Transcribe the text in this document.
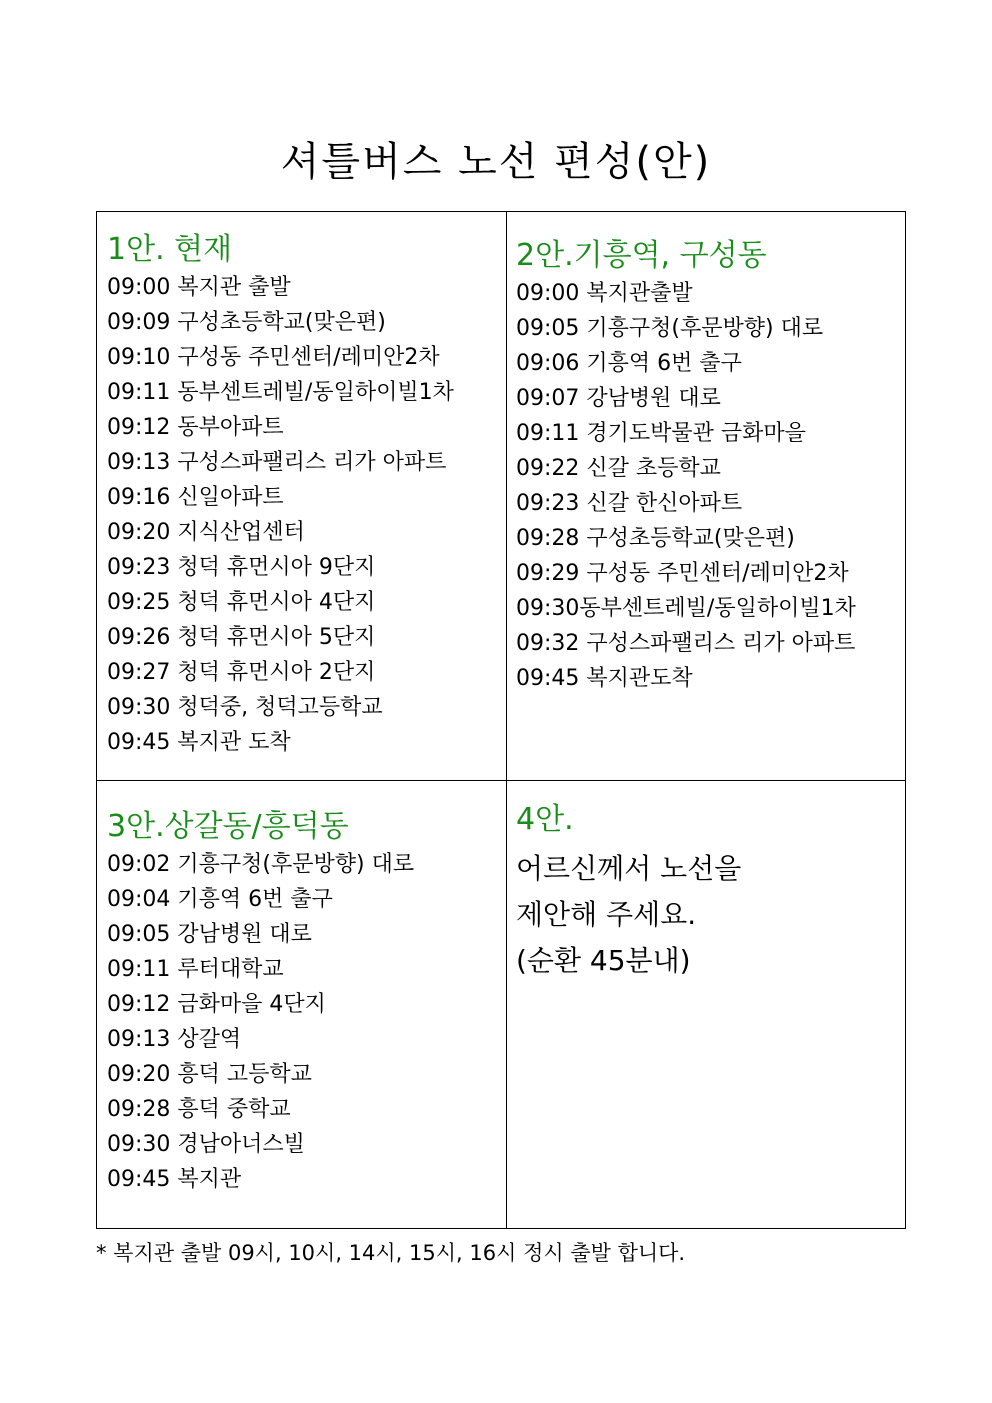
셔틀버스 노선 편성(안)
1안. 현재
09:00 복지관 출발
09:09 구성초등학교(맞은편)
09:10 구성동 주민센터/레미안2차
09:11 동부센트레빌/동일하이빌1차
09:12 동부아파트
09:13 구성스파팰리스 리가 아파트
09:16 신일아파트
09:20 지식산업센터
09:23 청덕 휴먼시아 9단지
09:25 청덕 휴먼시아 4단지
09:26 청덕 휴먼시아 5단지
09:27 청덕 휴먼시아 2단지
09:30 청덕중, 청덕고등학교
09:45 복지관 도착
2안.기흥역, 구성동
09:00 복지관출발
09:05 기흥구청(후문방향) 대로
09:06 기흥역 6번 출구
09:07 강남병원 대로
09:11 경기도박물관 금화마을
09:22 신갈 초등학교
09:23 신갈 한신아파트
09:28 구성초등학교(맞은편)
09:29 구성동 주민센터/레미안2차
09:30동부센트레빌/동일하이빌1차
09:32 구성스파팰리스 리가 아파트
09:45 복지관도착
3안.상갈동/흥덕동
09:02 기흥구청(후문방향) 대로
09:04 기흥역 6번 출구
09:05 강남병원 대로
09:11 루터대학교
09:12 금화마을 4단지
09:13 상갈역
09:20 흥덕 고등학교
09:28 흥덕 중학교
09:30 경남아너스빌
09:45 복지관
4안.
어르신께서 노선을
제안해 주세요.
(순환 45분내)
* 복지관 출발 09시, 10시, 14시, 15시, 16시 정시 출발 합니다.
